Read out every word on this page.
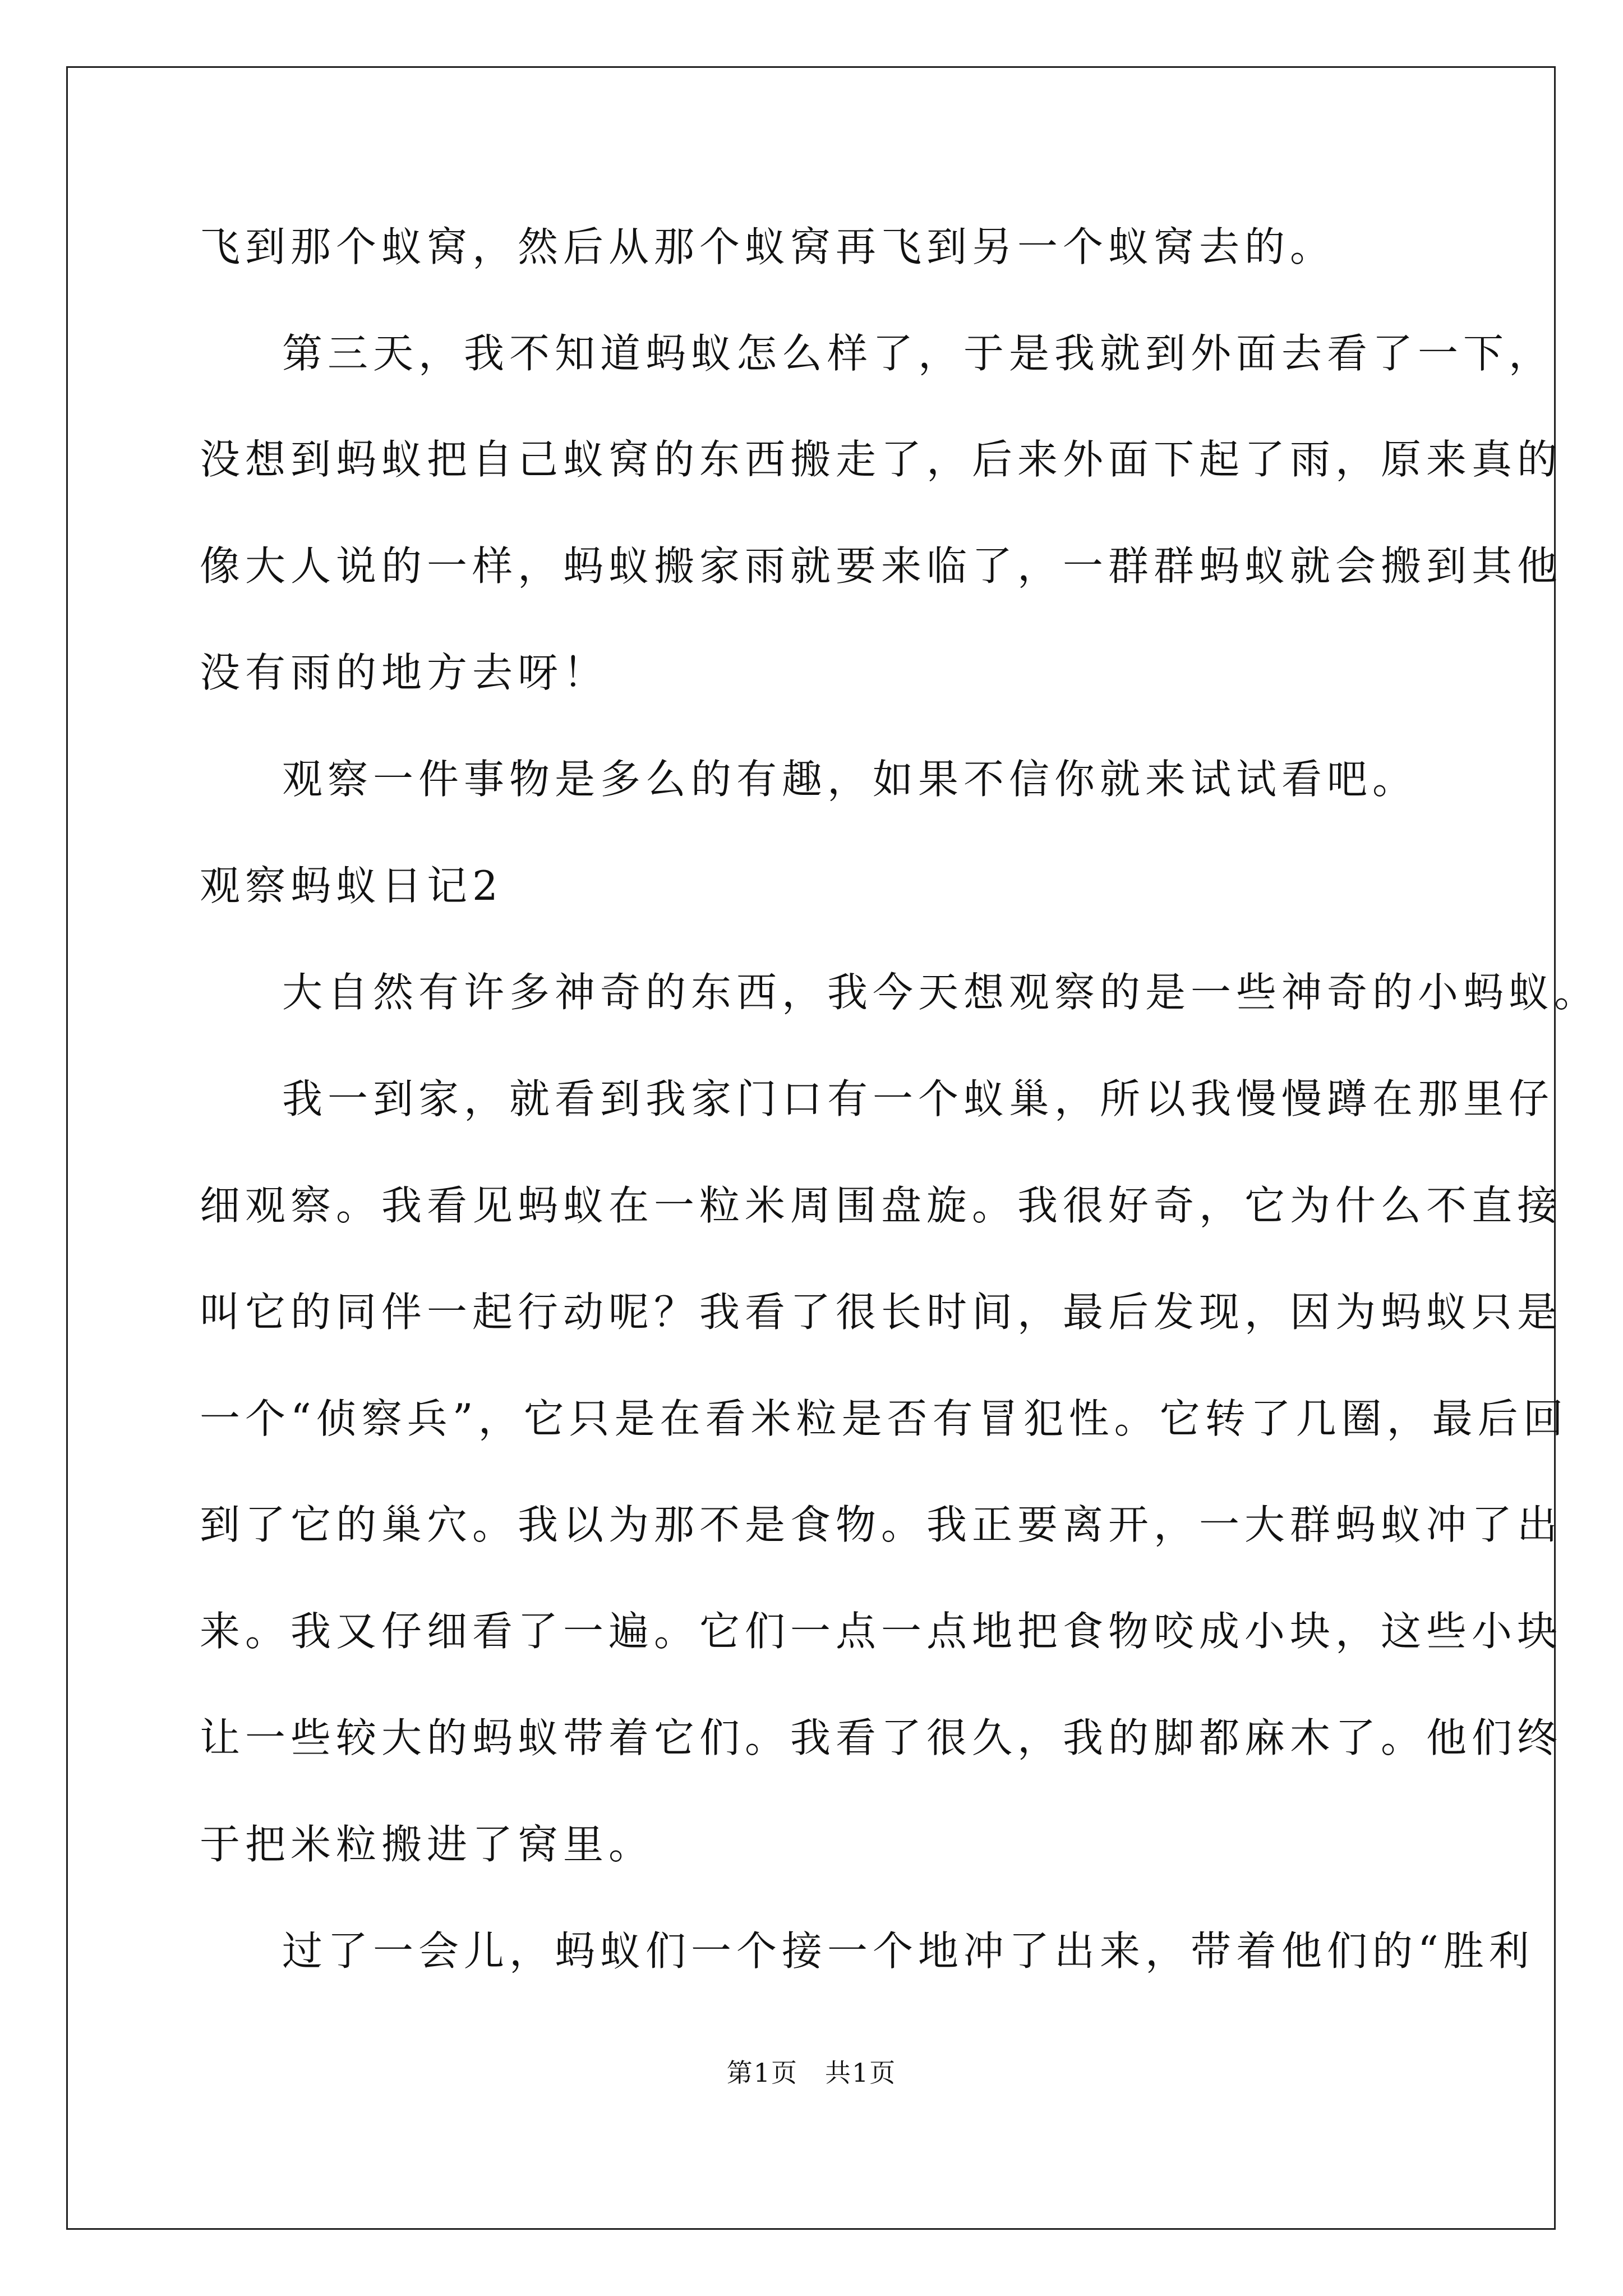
飞到那个蚁窝，然后从那个蚁窝再飞到另一个蚁窝去的。
第三天，我不知道蚂蚁怎么样了，于是我就到外面去看了一下，
没想到蚂蚁把自己蚁窝的东西搬走了，后来外面下起了雨，原来真的
像大人说的一样，蚂蚁搬家雨就要来临了，一群群蚂蚁就会搬到其他
没有雨的地方去呀！
观察一件事物是多么的有趣，如果不信你就来试试看吧。
观察蚂蚁日记2
大自然有许多神奇的东西，我今天想观察的是一些神奇的小蚂蚁。
我一到家，就看到我家门口有一个蚁巢，所以我慢慢蹲在那里仔
细观察。我看见蚂蚁在一粒米周围盘旋。我很好奇，它为什么不直接
叫它的同伴一起行动呢？我看了很长时间，最后发现，因为蚂蚁只是
一个“侦察兵”，它只是在看米粒是否有冒犯性。它转了几圈，最后回
到了它的巢穴。我以为那不是食物。我正要离开，一大群蚂蚁冲了出
来。我又仔细看了一遍。它们一点一点地把食物咬成小块，这些小块
让一些较大的蚂蚁带着它们。我看了很久，我的脚都麻木了。他们终
于把米粒搬进了窝里。
过了一会儿，蚂蚁们一个接一个地冲了出来，带着他们的“胜利
第1页　共1页
